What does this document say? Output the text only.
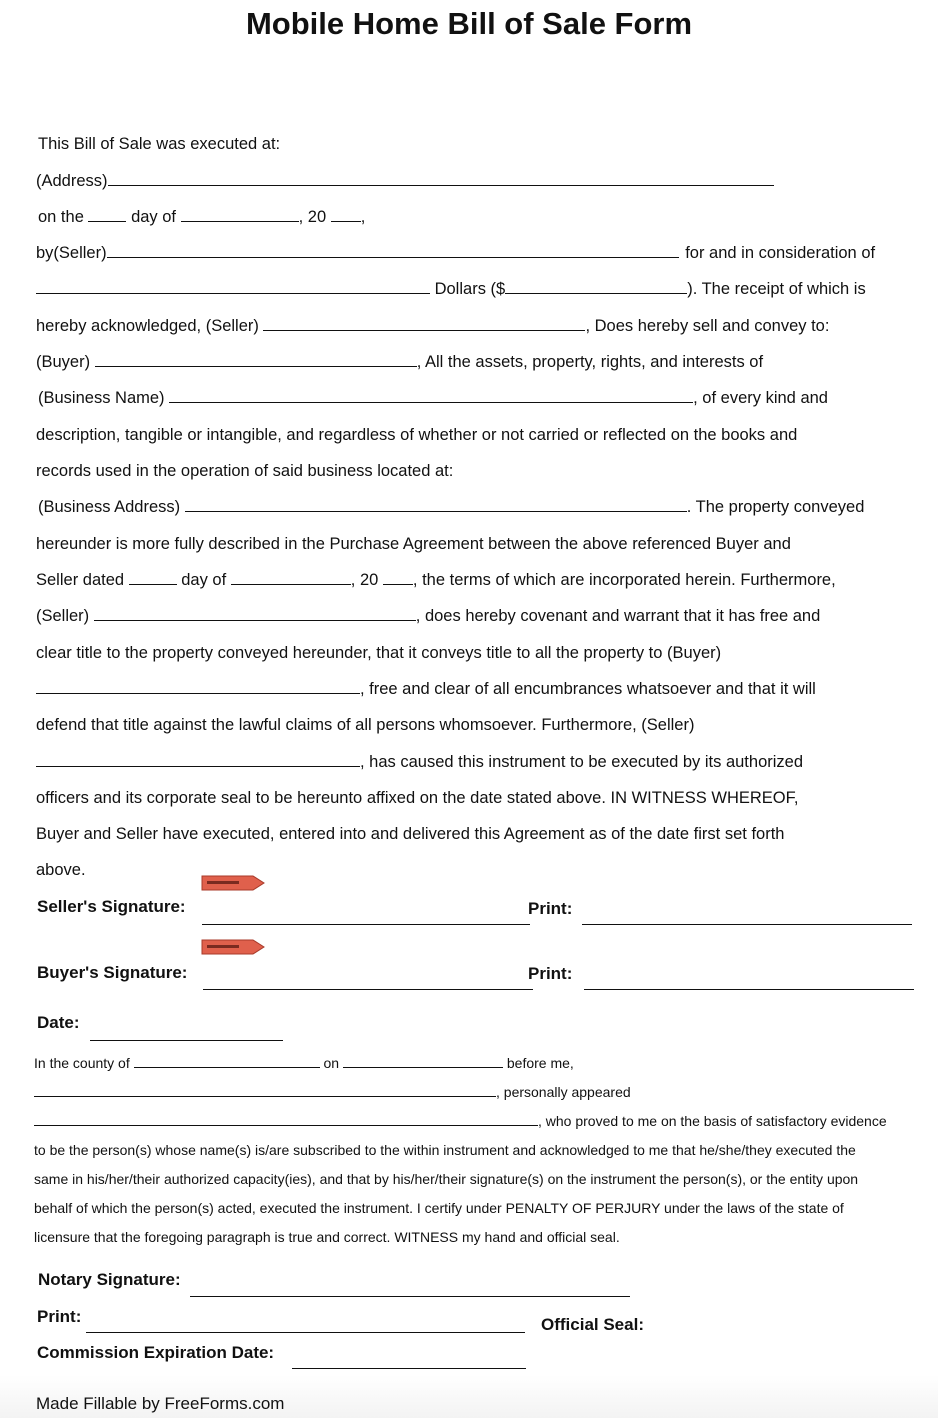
Mobile Home Bill of Sale Form
This Bill of Sale was executed at:
(Address)
on the	day of	, 20 ,
by(Seller)	for and in consideration of
Dollars ($	). The receipt of which is
hereby acknowledged, (Seller)	, Does hereby sell and convey to:
(Buyer)	, All the assets, property, rights, and interests of
(Business Name)	, of every kind and
description, tangible or intangible, and regardless of whether or not carried or reflected on the books and
records used in the operation of said business located at:
(Business Address)	. The property conveyed
hereunder is more fully described in the Purchase Agreement between the above referenced Buyer and
Seller dated	day of	, 20 , the terms of which are incorporated herein. Furthermore,
(Seller)	, does hereby covenant and warrant that it has free and
clear title to the property conveyed hereunder, that it conveys title to all the property to (Buyer)
, free and clear of all encumbrances whatsoever and that it will
defend that title against the lawful claims of all persons whomsoever. Furthermore, (Seller)
, has caused this instrument to be executed by its authorized
officers and its corporate seal to be hereunto affixed on the date stated above. IN WITNESS WHEREOF,
Buyer and Seller have executed, entered into and delivered this Agreement as of the date first set forth
above.
Seller's Signature:	Print:
Buyer's Signature:	Print:
Date:
In the county of	on	before me,
, personally appeared
, who proved to me on the basis of satisfactory evidence
to be the person(s) whose name(s) is/are subscribed to the within instrument and acknowledged to me that he/she/they executed the
same in his/her/their authorized capacity(ies), and that by his/her/their signature(s) on the instrument the person(s), or the entity upon
behalf of which the person(s) acted, executed the instrument. I certify under PENALTY OF PERJURY under the laws of the state of
licensure that the foregoing paragraph is true and correct. WITNESS my hand and official seal.
Notary Signature:
Print:	Official Seal:
Commission Expiration Date:
Made Fillable by FreeForms.com
